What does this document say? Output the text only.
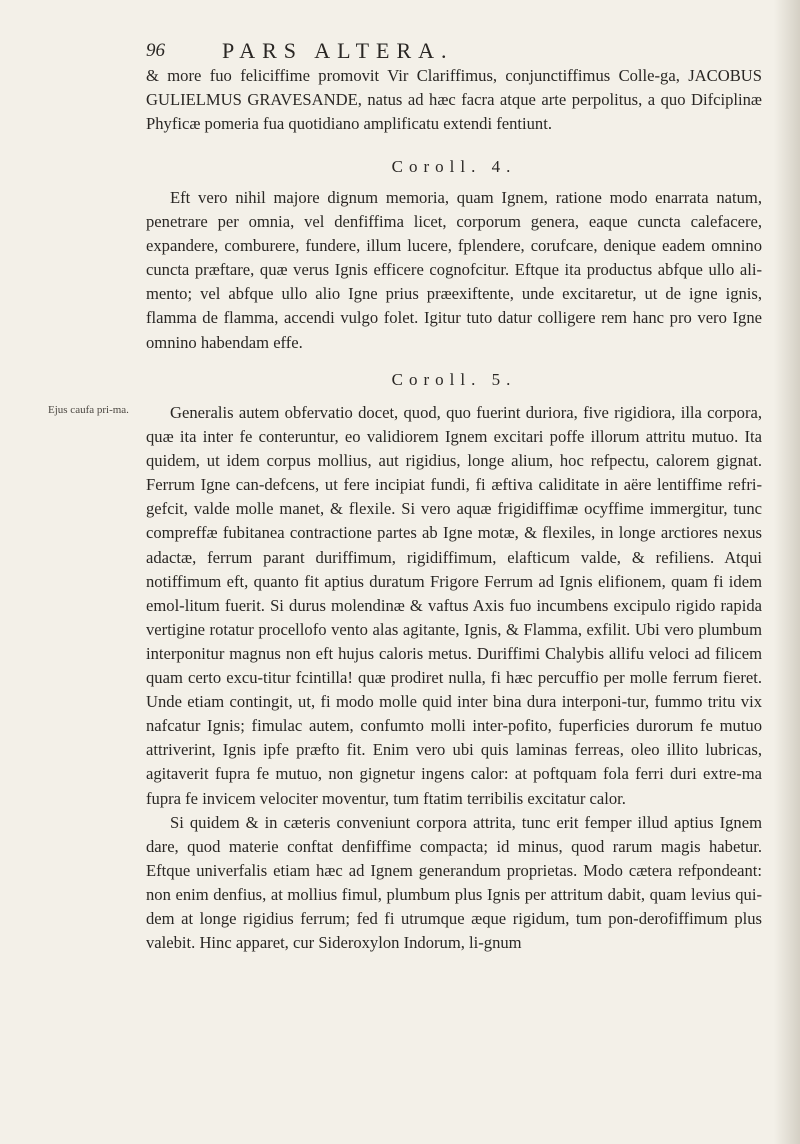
96	PARS ALTERA.

& more fuo feliciffime promovit Vir Clariffimus, conjunctiffimus Colle-ga, JACOBUS GULIELMUS GRAVESANDE, natus ad hæc facra atque arte perpolitus, a quo Difciplinæ Phyficæ pomeria fua quotidiano amplificatu extendi fentiunt.

Coroll. 4.

Eft vero nihil majore dignum memoria, quam Ignem, ratione modo enarrata natum, penetrare per omnia, vel denfiffima licet, corporum genera, eaque cuncta calefacere, expandere, comburere, fundere, illum lucere, fplendere, corufcare, denique eadem omnino cuncta præftare, quæ verus Ignis efficere cognofcitur. Eftque ita productus abfque ullo ali-mento; vel abfque ullo alio Igne prius præexiftente, unde excitaretur, ut de igne ignis, flamma de flamma, accendi vulgo folet. Igitur tuto datur colligere rem hanc pro vero Igne omnino habendam effe.

Coroll. 5.
Ejus caufa pri-ma.	Generalis autem obfervatio docet, quod, quo fuerint duriora, five rigidiora, illa corpora, quæ ita inter fe conteruntur, eo validiorem Ignem excitari poffe illorum attritu mutuo. Ita quidem, ut idem corpus mollius, aut rigidius, longe alium, hoc refpectu, calorem gignat. Ferrum Igne can-defcens, ut fere incipiat fundi, fi æftiva caliditate in aëre lentiffime refri-gefcit, valde molle manet, & flexile. Si vero aquæ frigidiffimæ ocyffime immergitur, tunc compreffæ fubitanea contractione partes ab Igne motæ, & flexiles, in longe arctiores nexus adactæ, ferrum parant duriffimum, rigidiffimum, elafticum valde, & refiliens. Atqui notiffimum eft, quanto fit aptius duratum Frigore Ferrum ad Ignis elifionem, quam fi idem emol-litum fuerit. Si durus molendinæ & vaftus Axis fuo incumbens excipulo rigido rapida vertigine rotatur procellofo vento alas agitante, Ignis, & Flamma, exfilit. Ubi vero plumbum interponitur magnus non eft hujus caloris metus. Duriffimi Chalybis allifu veloci ad filicem quam certo excu-titur fcintilla! quæ prodiret nulla, fi hæc percuffio per molle ferrum fieret. Unde etiam contingit, ut, fi modo molle quid inter bina dura interponi-tur, fummo tritu vix nafcatur Ignis; fimulac autem, confumto molli inter-pofito, fuperficies durorum fe mutuo attriverint, Ignis ipfe præfto fit. Enim vero ubi quis laminas ferreas, oleo illito lubricas, agitaverit fupra fe mutuo, non gignetur ingens calor: at poftquam fola ferri duri extre-ma fupra fe invicem velociter moventur, tum ftatim terribilis excitatur calor.

Si quidem & in cæteris conveniunt corpora attrita, tunc erit femper illud aptius Ignem dare, quod materie conftat denfiffime compacta; id minus, quod rarum magis habetur. Eftque univerfalis etiam hæc ad Ignem generandum proprietas. Modo cætera refpondeant: non enim denfius, at mollius fimul, plumbum plus Ignis per attritum dabit, quam levius qui-dem at longe rigidius ferrum; fed fi utrumque æque rigidum, tum pon-derofiffimum plus valebit. Hinc apparet, cur Sideroxylon Indorum, li-gnum
